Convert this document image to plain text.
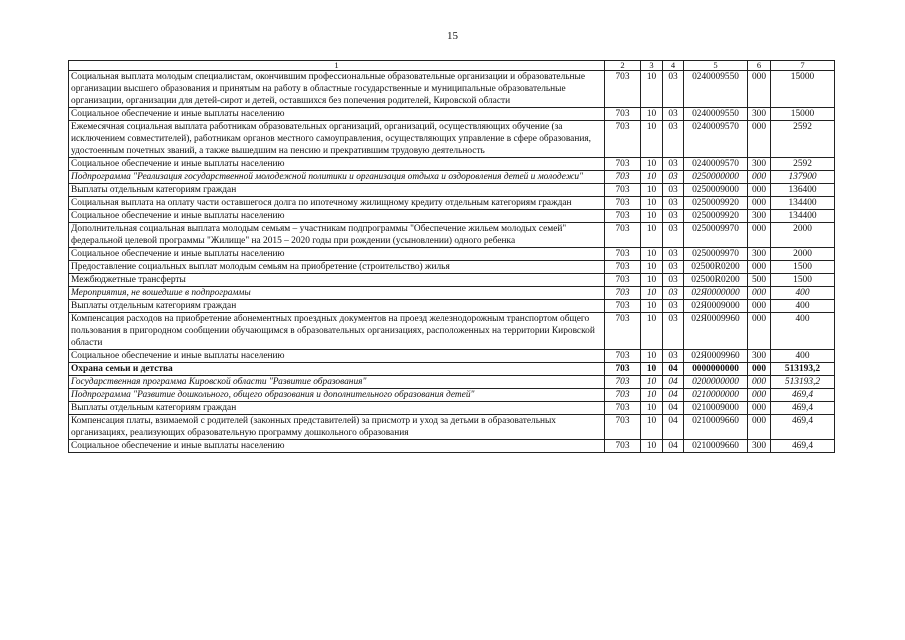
15
1	2	3	4	5	6	7
Социальная выплата молодым специалистам, окончившим профессиональные образовательные организации и образовательные организации высшего образования и принятым на работу в областные государственные и муниципальные образовательные организации, организации для детей-сирот и детей, оставшихся без попечения родителей, Кировской области	703	10	03	0240009550	000	15000
Социальное обеспечение и иные выплаты населению	703	10	03	0240009550	300	15000
Ежемесячная социальная выплата работникам образовательных организаций, организаций, осуществляющих обучение (за исключением совместителей), работникам органов местного самоуправления, осуществляющих управление в сфере образования, удостоенным почетных званий, а также вышедшим на пенсию и прекратившим трудовую деятельность	703	10	03	0240009570	000	2592
Социальное обеспечение и иные выплаты населению	703	10	03	0240009570	300	2592
Подпрограмма "Реализация государственной молодежной политики и организация отдыха и оздоровления детей и молодежи"	703	10	03	0250000000	000	137900
Выплаты отдельным категориям граждан	703	10	03	0250009000	000	136400
Социальная выплата на оплату части оставшегося долга по ипотечному жилищному кредиту отдельным категориям граждан	703	10	03	0250009920	000	134400
Социальное обеспечение и иные выплаты населению	703	10	03	0250009920	300	134400
Дополнительная социальная выплата молодым семьям – участникам подпрограммы "Обеспечение жильем молодых семей" федеральной целевой программы "Жилище" на 2015 – 2020 годы при рождении (усыновлении) одного ребенка	703	10	03	0250009970	000	2000
Социальное обеспечение и иные выплаты населению	703	10	03	0250009970	300	2000
Предоставление социальных выплат молодым семьям на приобретение (строительство) жилья	703	10	03	02500R0200	000	1500
Межбюджетные трансферты	703	10	03	02500R0200	500	1500
Мероприятия, не вошедшие в подпрограммы	703	10	03	02Я0000000	000	400
Выплаты отдельным категориям граждан	703	10	03	02Я0009000	000	400
Компенсация расходов на приобретение абонементных проездных документов на проезд железнодорожным транспортом общего пользования в пригородном сообщении обучающимся в образовательных организациях, расположенных на территории Кировской области	703	10	03	02Я0009960	000	400
Социальное обеспечение и иные выплаты населению	703	10	03	02Я0009960	300	400
Охрана семьи и детства	703	10	04	0000000000	000	513193,2
Государственная программа Кировской области "Развитие образования"	703	10	04	0200000000	000	513193,2
Подпрограмма "Развитие дошкольного, общего образования и дополнительного образования детей"	703	10	04	0210000000	000	469,4
Выплаты отдельным категориям граждан	703	10	04	0210009000	000	469,4
Компенсация платы, взимаемой с родителей (законных представителей) за присмотр и уход за детьми в образовательных организациях, реализующих образовательную программу дошкольного образования	703	10	04	0210009660	000	469,4
Социальное обеспечение и иные выплаты населению	703	10	04	0210009660	300	469,4
